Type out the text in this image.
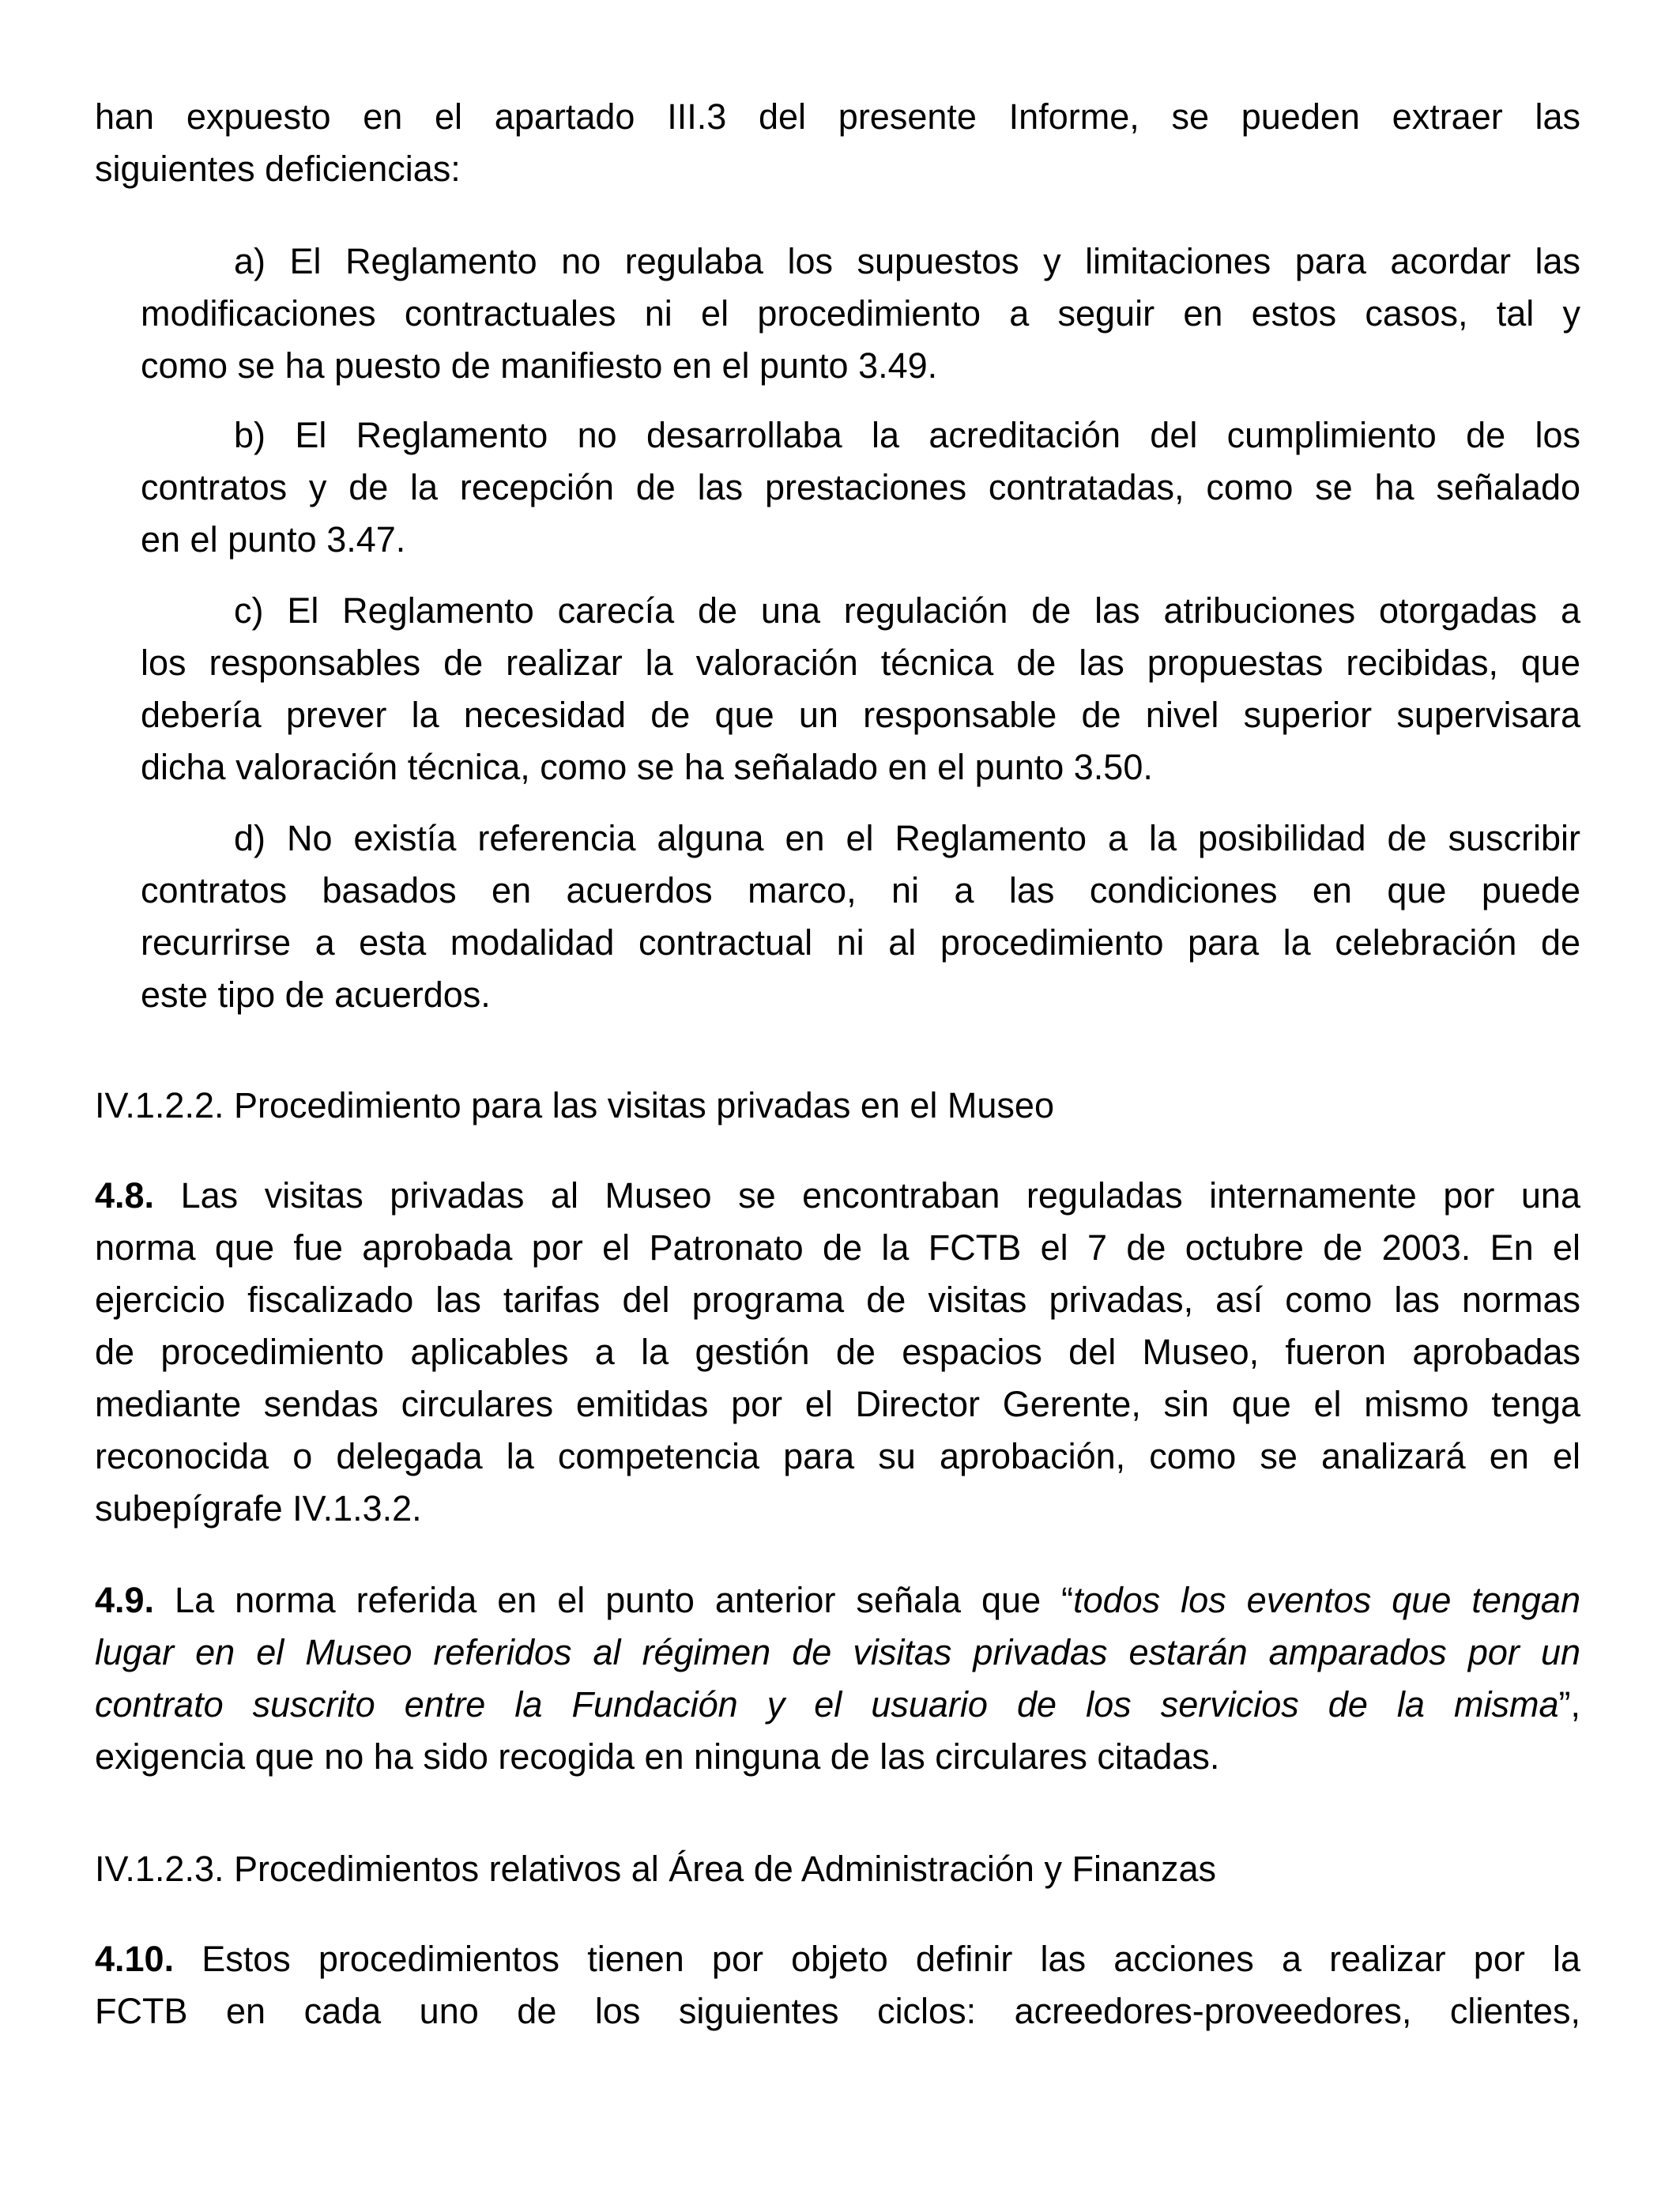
han expuesto en el apartado III.3 del presente Informe, se pueden extraer las
siguientes deficiencias:
a) El Reglamento no regulaba los supuestos y limitaciones para acordar las
modificaciones contractuales ni el procedimiento a seguir en estos casos, tal y
como se ha puesto de manifiesto en el punto 3.49.
b) El Reglamento no desarrollaba la acreditación del cumplimiento de los
contratos y de la recepción de las prestaciones contratadas, como se ha señalado
en el punto 3.47.
c) El Reglamento carecía de una regulación de las atribuciones otorgadas a
los responsables de realizar la valoración técnica de las propuestas recibidas, que
debería prever la necesidad de que un responsable de nivel superior supervisara
dicha valoración técnica, como se ha señalado en el punto 3.50.
d) No existía referencia alguna en el Reglamento a la posibilidad de suscribir
contratos basados en acuerdos marco, ni a las condiciones en que puede
recurrirse a esta modalidad contractual ni al procedimiento para la celebración de
este tipo de acuerdos.
IV.1.2.2. Procedimiento para las visitas privadas en el Museo
4.8. Las visitas privadas al Museo se encontraban reguladas internamente por una
norma que fue aprobada por el Patronato de la FCTB el 7 de octubre de 2003. En el
ejercicio fiscalizado las tarifas del programa de visitas privadas, así como las normas
de procedimiento aplicables a la gestión de espacios del Museo, fueron aprobadas
mediante sendas circulares emitidas por el Director Gerente, sin que el mismo tenga
reconocida o delegada la competencia para su aprobación, como se analizará en el
subepígrafe IV.1.3.2.
4.9. La norma referida en el punto anterior señala que “todos los eventos que tengan
lugar en el Museo referidos al régimen de visitas privadas estarán amparados por un
contrato suscrito entre la Fundación y el usuario de los servicios de la misma”,
exigencia que no ha sido recogida en ninguna de las circulares citadas.
IV.1.2.3. Procedimientos relativos al Área de Administración y Finanzas
4.10. Estos procedimientos tienen por objeto definir las acciones a realizar por la
FCTB en cada uno de los siguientes ciclos: acreedores-proveedores, clientes,
